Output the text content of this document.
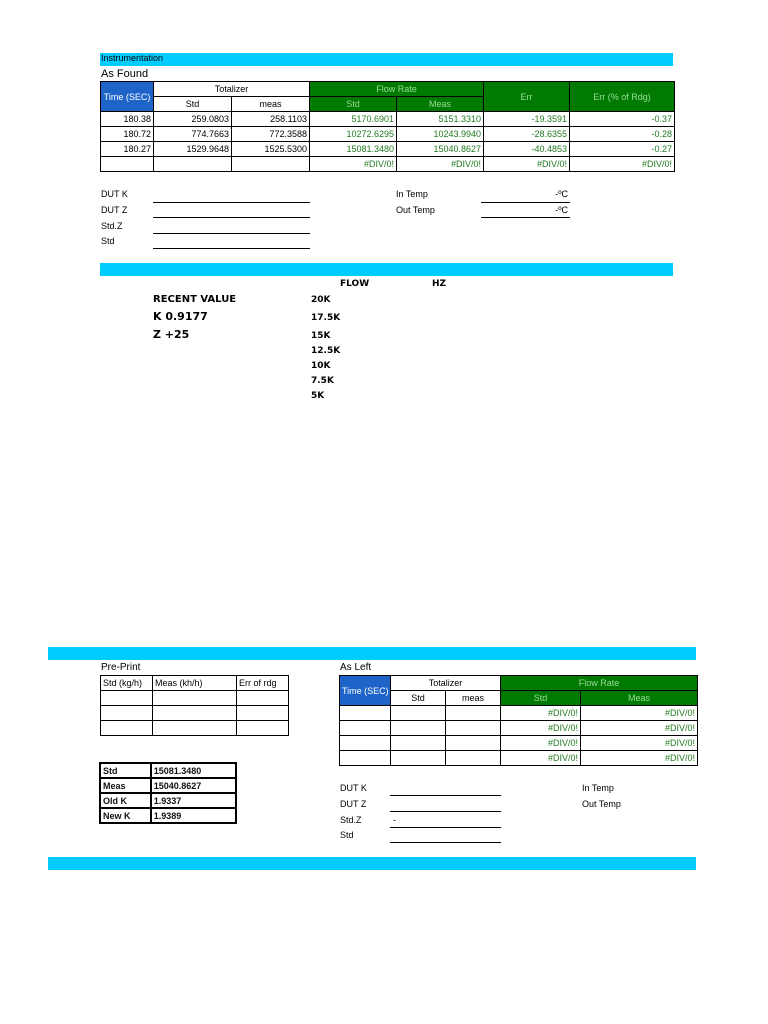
Instrumentation
As Found
Time (SEC)	Totalizer		Flow Rate		Err	Err (% of Rdg)
	Std	meas	Std	Meas		
180.38	259.0803	258.1103	5170.6901	5151.3310	-19.3591	-0.37
180.72	774.7663	772.3588	10272.6295	10243.9940	-28.6355	-0.28
180.27	1529.9648	1525.5300	15081.3480	15040.8627	-40.4853	-0.27
			#DIV/0!	#DIV/0!	#DIV/0!	#DIV/0!
DUT K
DUT Z
Std.Z
Std
In Temp	-ºC
Out Temp	-ºC
FLOW	HZ
RECENT VALUE
K 0.9177
Z +25
20K
17.5K
15K
12.5K
10K
7.5K
5K
Pre-Print
Std (kg/h)	Meas (kh/h)	Err of rdg

Std	15081.3480
Meas	15040.8627
Old K	1.9337
New K	1.9389
As Left
Time (SEC)	Totalizer		Flow Rate	
	Std	meas	Std	Meas
			#DIV/0!	#DIV/0!
			#DIV/0!	#DIV/0!
			#DIV/0!	#DIV/0!
			#DIV/0!	#DIV/0!
DUT K
DUT Z
Std.Z	-
Std
In Temp
Out Temp
